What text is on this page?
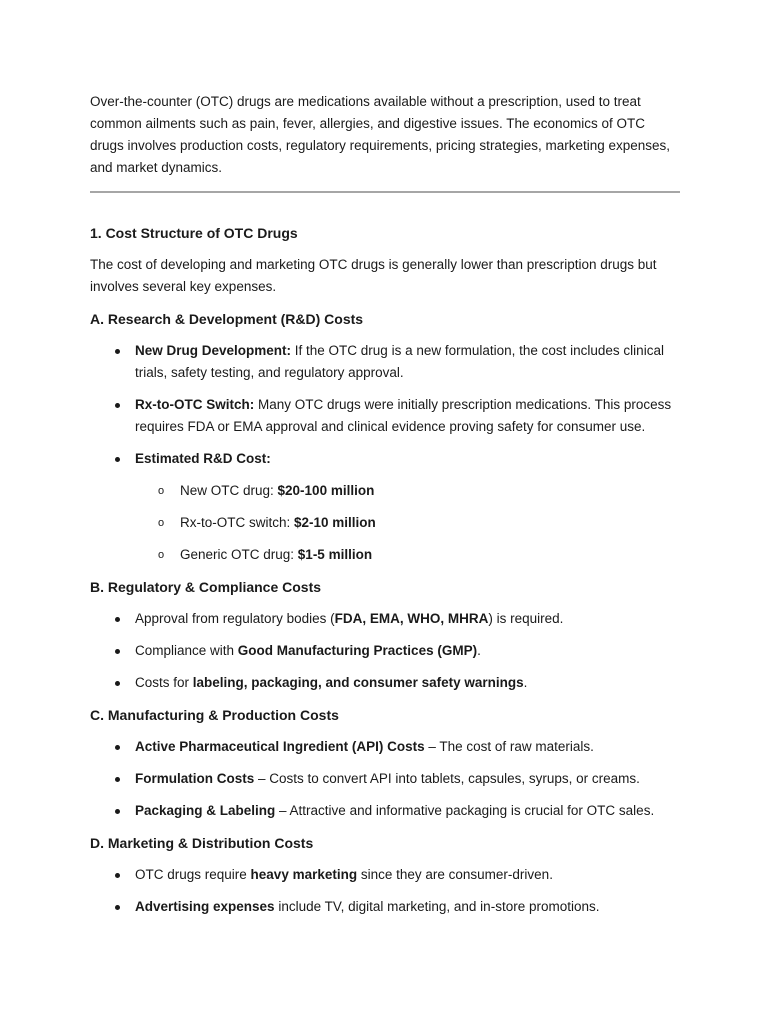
Over-the-counter (OTC) drugs are medications available without a prescription, used to treat common ailments such as pain, fever, allergies, and digestive issues. The economics of OTC drugs involves production costs, regulatory requirements, pricing strategies, marketing expenses, and market dynamics.

1. Cost Structure of OTC Drugs

The cost of developing and marketing OTC drugs is generally lower than prescription drugs but involves several key expenses.

A. Research & Development (R&D) Costs

New Drug Development: If the OTC drug is a new formulation, the cost includes clinical trials, safety testing, and regulatory approval.
Rx-to-OTC Switch: Many OTC drugs were initially prescription medications. This process requires FDA or EMA approval and clinical evidence proving safety for consumer use.
Estimated R&D Cost:
o New OTC drug: $20-100 million
o Rx-to-OTC switch: $2-10 million
o Generic OTC drug: $1-5 million

B. Regulatory & Compliance Costs

Approval from regulatory bodies (FDA, EMA, WHO, MHRA) is required.
Compliance with Good Manufacturing Practices (GMP).
Costs for labeling, packaging, and consumer safety warnings.

C. Manufacturing & Production Costs

Active Pharmaceutical Ingredient (API) Costs – The cost of raw materials.
Formulation Costs – Costs to convert API into tablets, capsules, syrups, or creams.
Packaging & Labeling – Attractive and informative packaging is crucial for OTC sales.

D. Marketing & Distribution Costs

OTC drugs require heavy marketing since they are consumer-driven.
Advertising expenses include TV, digital marketing, and in-store promotions.
